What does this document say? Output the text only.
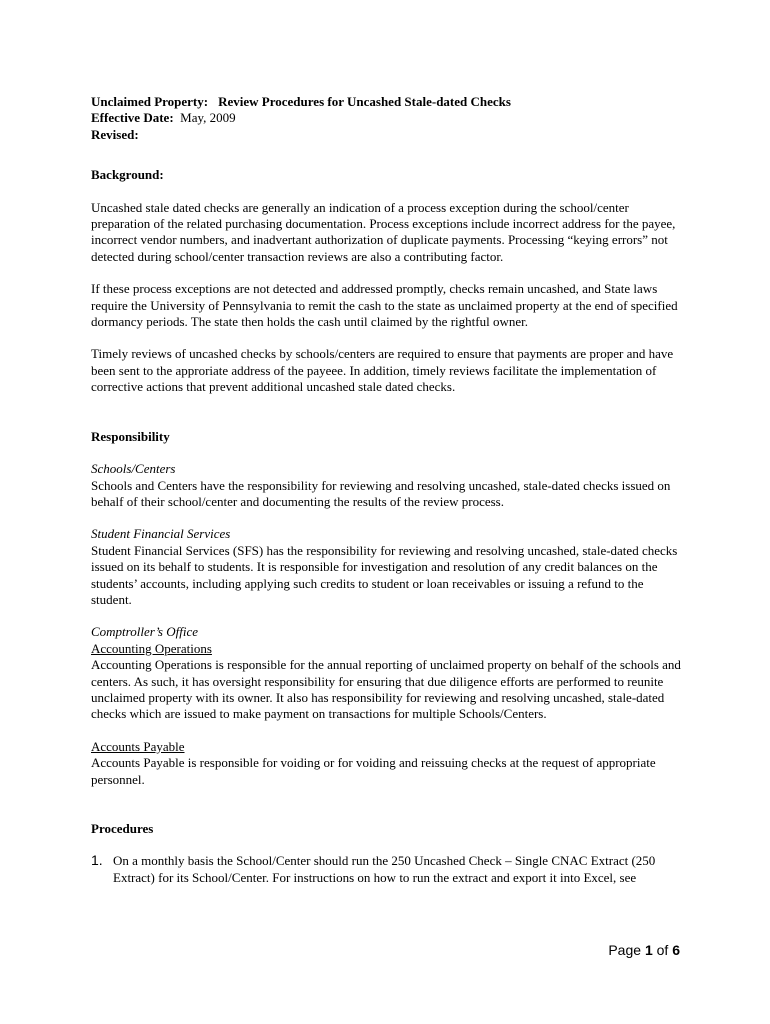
Unclaimed Property: Review Procedures for Uncashed Stale-dated Checks

Effective Date: May, 2009

Revised:

Background:

Uncashed stale dated checks are generally an indication of a process exception during the school/center preparation of the related purchasing documentation. Process exceptions include incorrect address for the payee, incorrect vendor numbers, and inadvertant authorization of duplicate payments. Processing “keying errors” not detected during school/center transaction reviews are also a contributing factor.

If these process exceptions are not detected and addressed promptly, checks remain uncashed, and State laws require the University of Pennsylvania to remit the cash to the state as unclaimed property at the end of specified dormancy periods. The state then holds the cash until claimed by the rightful owner.

Timely reviews of uncashed checks by schools/centers are required to ensure that payments are proper and have been sent to the approriate address of the payeee. In addition, timely reviews facilitate the implementation of corrective actions that prevent additional uncashed stale dated checks.

Responsibility

Schools/Centers

Schools and Centers have the responsibility for reviewing and resolving uncashed, stale-dated checks issued on behalf of their school/center and documenting the results of the review process.

Student Financial Services

Student Financial Services (SFS) has the responsibility for reviewing and resolving uncashed, stale-dated checks issued on its behalf to students. It is responsible for investigation and resolution of any credit balances on the students’ accounts, including applying such credits to student or loan receivables or issuing a refund to the student.

Comptroller’s Office

Accounting Operations

Accounting Operations is responsible for the annual reporting of unclaimed property on behalf of the schools and centers. As such, it has oversight responsibility for ensuring that due diligence efforts are performed to reunite unclaimed property with its owner. It also has responsibility for reviewing and resolving uncashed, stale-dated checks which are issued to make payment on transactions for multiple Schools/Centers.

Accounts Payable

Accounts Payable is responsible for voiding or for voiding and reissuing checks at the request of appropriate personnel.

Procedures

1. On a monthly basis the School/Center should run the 250 Uncashed Check – Single CNAC Extract (250 Extract) for its School/Center. For instructions on how to run the extract and export it into Excel, see
Page 1 of 6
